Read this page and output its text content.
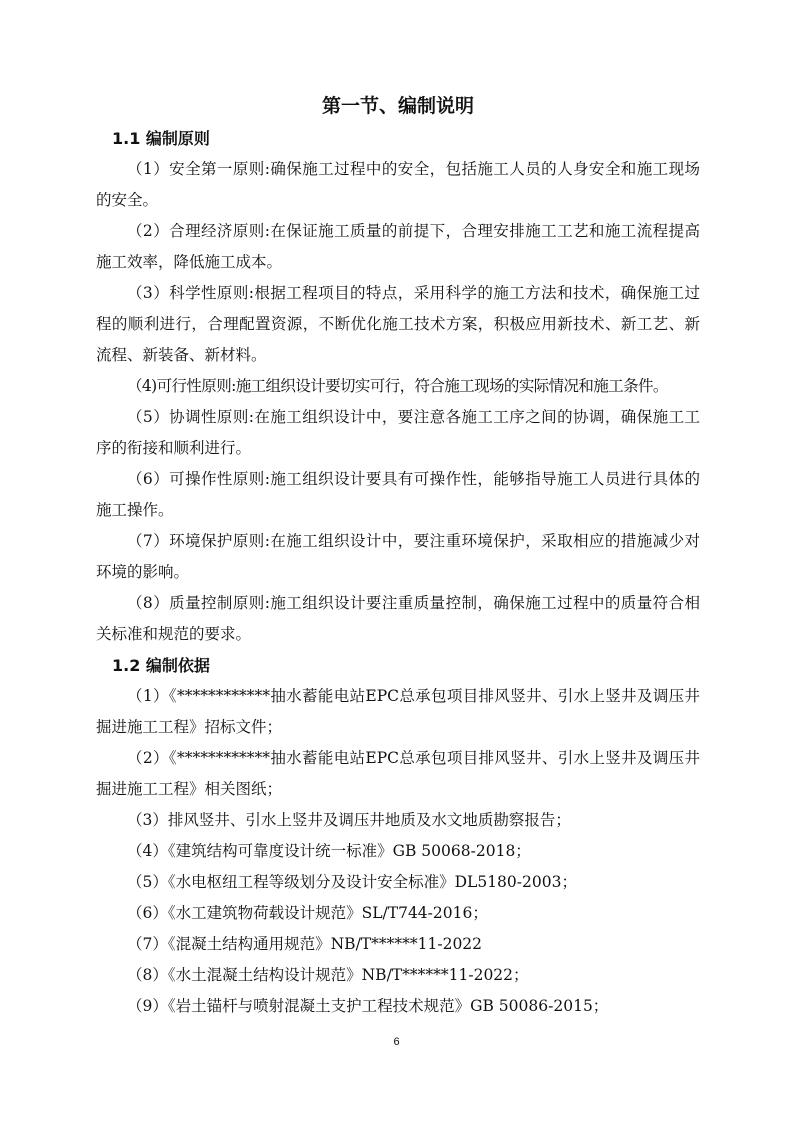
第一节、编制说明
1.1 编制原则

（1）安全第一原则:确保施工过程中的安全，包括施工人员的人身安全和施工现场的安全。

（2）合理经济原则:在保证施工质量的前提下，合理安排施工工艺和施工流程提高施工效率，降低施工成本。

（3）科学性原则:根据工程项目的特点，采用科学的施工方法和技术，确保施工过程的顺利进行，合理配置资源，不断优化施工技术方案，积极应用新技术、新工艺、新流程、新装备、新材料。

（4)可行性原则:施工组织设计要切实可行，符合施工现场的实际情况和施工条件。

（5）协调性原则:在施工组织设计中，要注意各施工工序之间的协调，确保施工工序的衔接和顺利进行。

（6）可操作性原则:施工组织设计要具有可操作性，能够指导施工人员进行具体的施工操作。

（7）环境保护原则:在施工组织设计中，要注重环境保护，采取相应的措施减少对环境的影响。

（8）质量控制原则:施工组织设计要注重质量控制，确保施工过程中的质量符合相关标准和规范的要求。

1.2 编制依据

（1）《************抽水蓄能电站EPC总承包项目排风竖井、引水上竖井及调压井掘进施工工程》招标文件；

（2）《************抽水蓄能电站EPC总承包项目排风竖井、引水上竖井及调压井掘进施工工程》相关图纸；

（3）排风竖井、引水上竖井及调压井地质及水文地质勘察报告；

（4）《建筑结构可靠度设计统一标准》GB 50068-2018；

（5）《水电枢纽工程等级划分及设计安全标准》DL5180-2003；

（6）《水工建筑物荷载设计规范》SL/T744-2016；

（7）《混凝土结构通用规范》NB/T******11-2022

（8）《水土混凝土结构设计规范》NB/T******11-2022；

（9）《岩土锚杆与喷射混凝土支护工程技术规范》GB 50086-2015；

6
